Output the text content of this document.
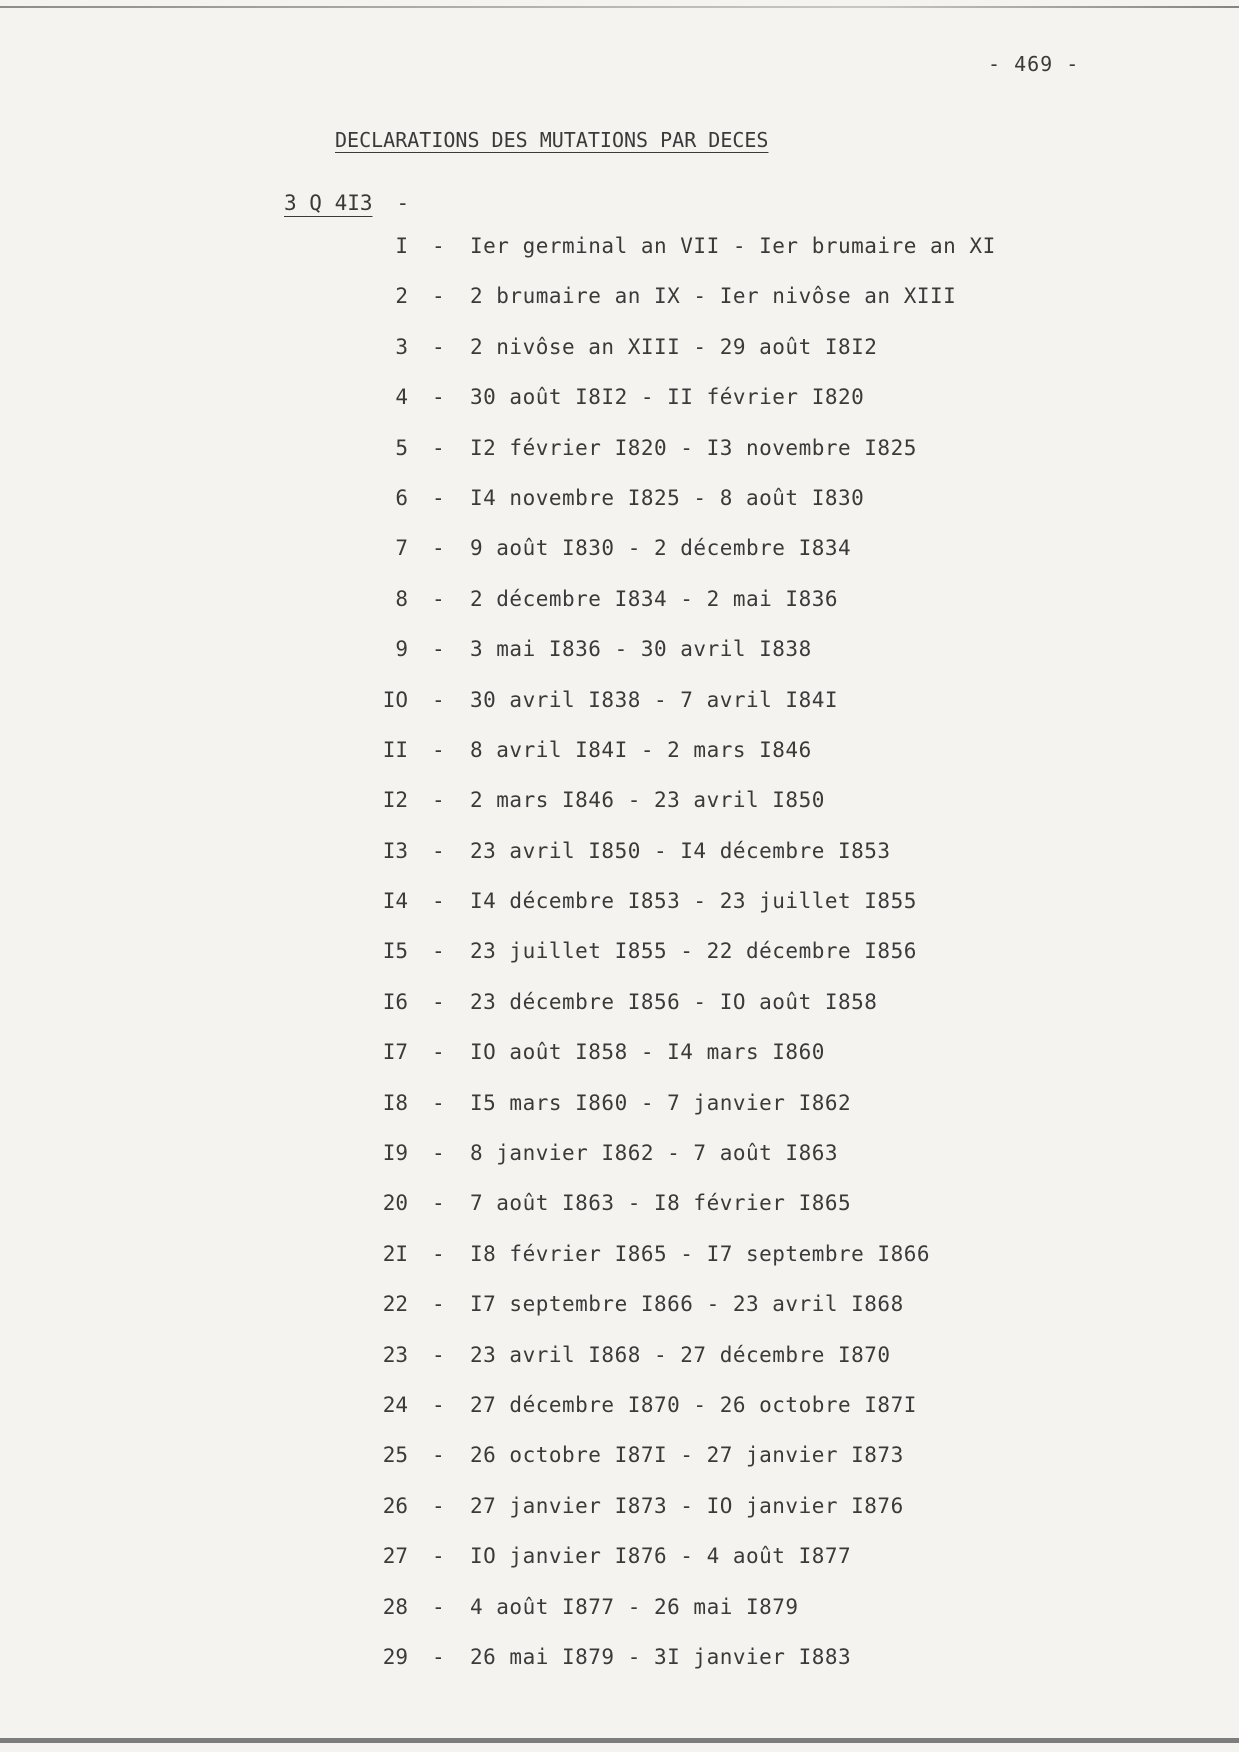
- 469 -
DECLARATIONS DES MUTATIONS PAR DECES
3 Q 4I3 -
I - Ier germinal an VII - Ier brumaire an XI
2 - 2 brumaire an IX - Ier nivôse an XIII
3 - 2 nivôse an XIII - 29 août I8I2
4 - 30 août I8I2 - II février I820
5 - I2 février I820 - I3 novembre I825
6 - I4 novembre I825 - 8 août I830
7 - 9 août I830 - 2 décembre I834
8 - 2 décembre I834 - 2 mai I836
9 - 3 mai I836 - 30 avril I838
IO - 30 avril I838 - 7 avril I84I
II - 8 avril I84I - 2 mars I846
I2 - 2 mars I846 - 23 avril I850
I3 - 23 avril I850 - I4 décembre I853
I4 - I4 décembre I853 - 23 juillet I855
I5 - 23 juillet I855 - 22 décembre I856
I6 - 23 décembre I856 - IO août I858
I7 - IO août I858 - I4 mars I860
I8 - I5 mars I860 - 7 janvier I862
I9 - 8 janvier I862 - 7 août I863
20 - 7 août I863 - I8 février I865
2I - I8 février I865 - I7 septembre I866
22 - I7 septembre I866 - 23 avril I868
23 - 23 avril I868 - 27 décembre I870
24 - 27 décembre I870 - 26 octobre I87I
25 - 26 octobre I87I - 27 janvier I873
26 - 27 janvier I873 - IO janvier I876
27 - IO janvier I876 - 4 août I877
28 - 4 août I877 - 26 mai I879
29 - 26 mai I879 - 3I janvier I883
